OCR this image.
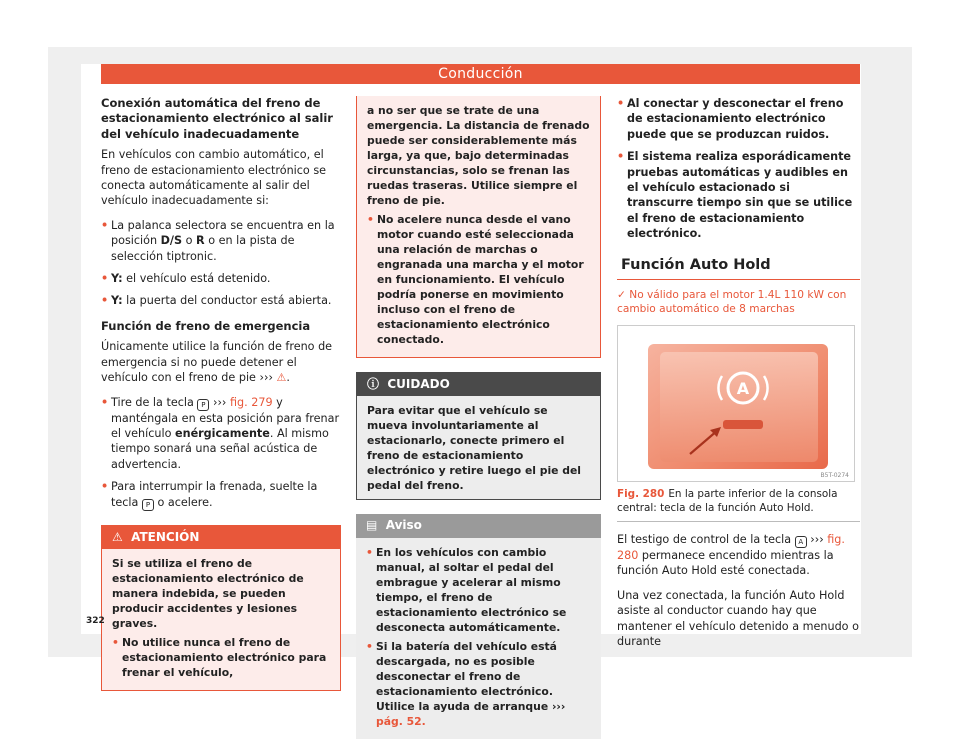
Conducción

Conexión automática del freno de estacionamiento electrónico al salir del vehículo inadecuadamente

En vehículos con cambio automático, el freno de estacionamiento electrónico se conecta automáticamente al salir del vehículo inadecuadamente si:

• La palanca selectora se encuentra en la posición D/S o R o en la pista de selección tiptronic.
• Y: el vehículo está detenido.
• Y: la puerta del conductor está abierta.

Función de freno de emergencia

Únicamente utilice la función de freno de emergencia si no puede detener el vehículo con el freno de pie ››› ⚠.

• Tire de la tecla P ››› fig. 279 y manténgala en esta posición para frenar el vehículo enérgicamente. Al mismo tiempo sonará una señal acústica de advertencia.
• Para interrumpir la frenada, suelte la tecla P o acelere.
⚠ ATENCIÓN

Si se utiliza el freno de estacionamiento electrónico de manera indebida, se pueden producir accidentes y lesiones graves.

• No utilice nunca el freno de estacionamiento electrónico para frenar el vehículo,

a no ser que se trate de una emergencia. La distancia de frenado puede ser considerablemente más larga, ya que, bajo determinadas circunstancias, solo se frenan las ruedas traseras. Utilice siempre el freno de pie.

• No acelere nunca desde el vano motor cuando esté seleccionada una relación de marchas o engranada una marcha y el motor en funcionamiento. El vehículo podría ponerse en movimiento incluso con el freno de estacionamiento electrónico conectado.
ⓘ CUIDADO
Para evitar que el vehículo se mueva involuntariamente al estacionarlo, conecte primero el freno de estacionamiento electrónico y retire luego el pie del pedal del freno.
▤ Aviso
• En los vehículos con cambio manual, al soltar el pedal del embrague y acelerar al mismo tiempo, el freno de estacionamiento electrónico se desconecta automáticamente.
• Si la batería del vehículo está descargada, no es posible desconectar el freno de estacionamiento electrónico. Utilice la ayuda de arranque ››› pág. 52.
• Al conectar y desconectar el freno de estacionamiento electrónico puede que se produzcan ruidos.
• El sistema realiza esporádicamente pruebas automáticas y audibles en el vehículo estacionado si transcurre tiempo sin que se utilice el freno de estacionamiento electrónico.
Función Auto Hold

✓ No válido para el motor 1.4L 110 kW con cambio automático de 8 marchas

A
B5T-0274
Fig. 280 En la parte inferior de la consola central: tecla de la función Auto Hold.

El testigo de control de la tecla A ››› fig. 280 permanece encendido mientras la función Auto Hold esté conectada.

Una vez conectada, la función Auto Hold asiste al conductor cuando hay que mantener el vehículo detenido a menudo o durante

322
